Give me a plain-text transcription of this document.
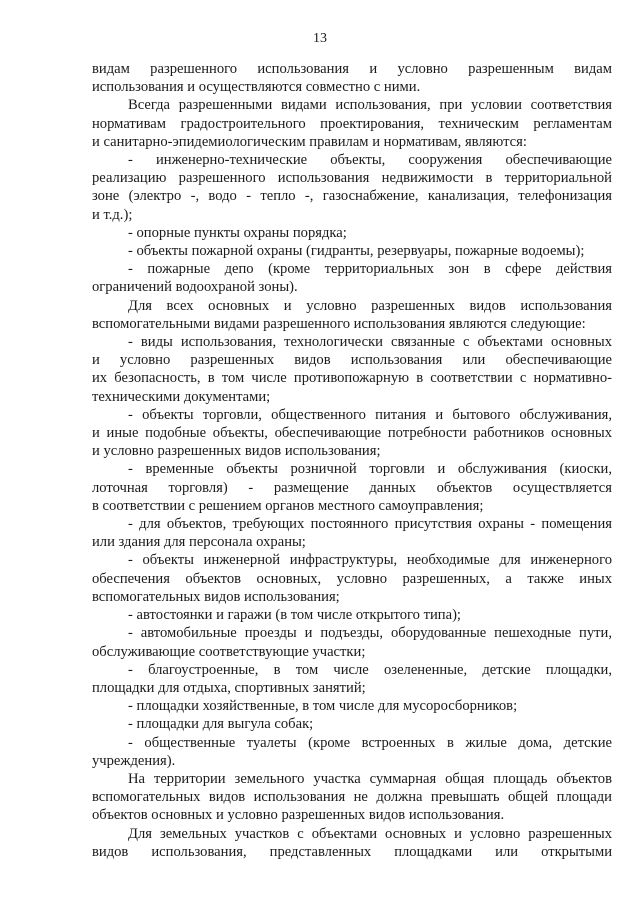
13

видам разрешенного использования и условно разрешенным видам

использования и осуществляются совместно с ними.

Всегда разрешенными видами использования, при условии соответствия

нормативам градостроительного проектирования, техническим регламентам

и санитарно-эпидемиологическим правилам и нормативам, являются:

- инженерно-технические объекты, сооружения обеспечивающие

реализацию разрешенного использования недвижимости в территориальной

зоне (электро -, водо - тепло -, газоснабжение, канализация, телефонизация

и т.д.);

- опорные пункты охраны порядка;

- объекты пожарной охраны (гидранты, резервуары, пожарные водоемы);

- пожарные депо (кроме территориальных зон в сфере действия

ограничений водоохраной зоны).

Для всех основных и условно разрешенных видов использования

вспомогательными видами разрешенного использования являются следующие:

- виды использования, технологически связанные с объектами основных

и условно разрешенных видов использования или обеспечивающие

их безопасность, в том числе противопожарную в соответствии с нормативно-

техническими документами;

- объекты торговли, общественного питания и бытового обслуживания,

и иные подобные объекты, обеспечивающие потребности работников основных

и условно разрешенных видов использования;

- временные объекты розничной торговли и обслуживания (киоски,

лоточная торговля) - размещение данных объектов осуществляется

в соответствии с решением органов местного самоуправления;

- для объектов, требующих постоянного присутствия охраны - помещения

или здания для персонала охраны;

- объекты инженерной инфраструктуры, необходимые для инженерного

обеспечения объектов основных, условно разрешенных, а также иных

вспомогательных видов использования;

- автостоянки и гаражи (в том числе открытого типа);

- автомобильные проезды и подъезды, оборудованные пешеходные пути,

обслуживающие соответствующие участки;

- благоустроенные, в том числе озелененные, детские площадки,

площадки для отдыха, спортивных занятий;

- площадки хозяйственные, в том числе для мусоросборников;

- площадки для выгула собак;

- общественные туалеты (кроме встроенных в жилые дома, детские

учреждения).

На территории земельного участка суммарная общая площадь объектов

вспомогательных видов использования не должна превышать общей площади

объектов основных и условно разрешенных видов использования.

Для земельных участков с объектами основных и условно разрешенных

видов использования, представленных площадками или открытыми
